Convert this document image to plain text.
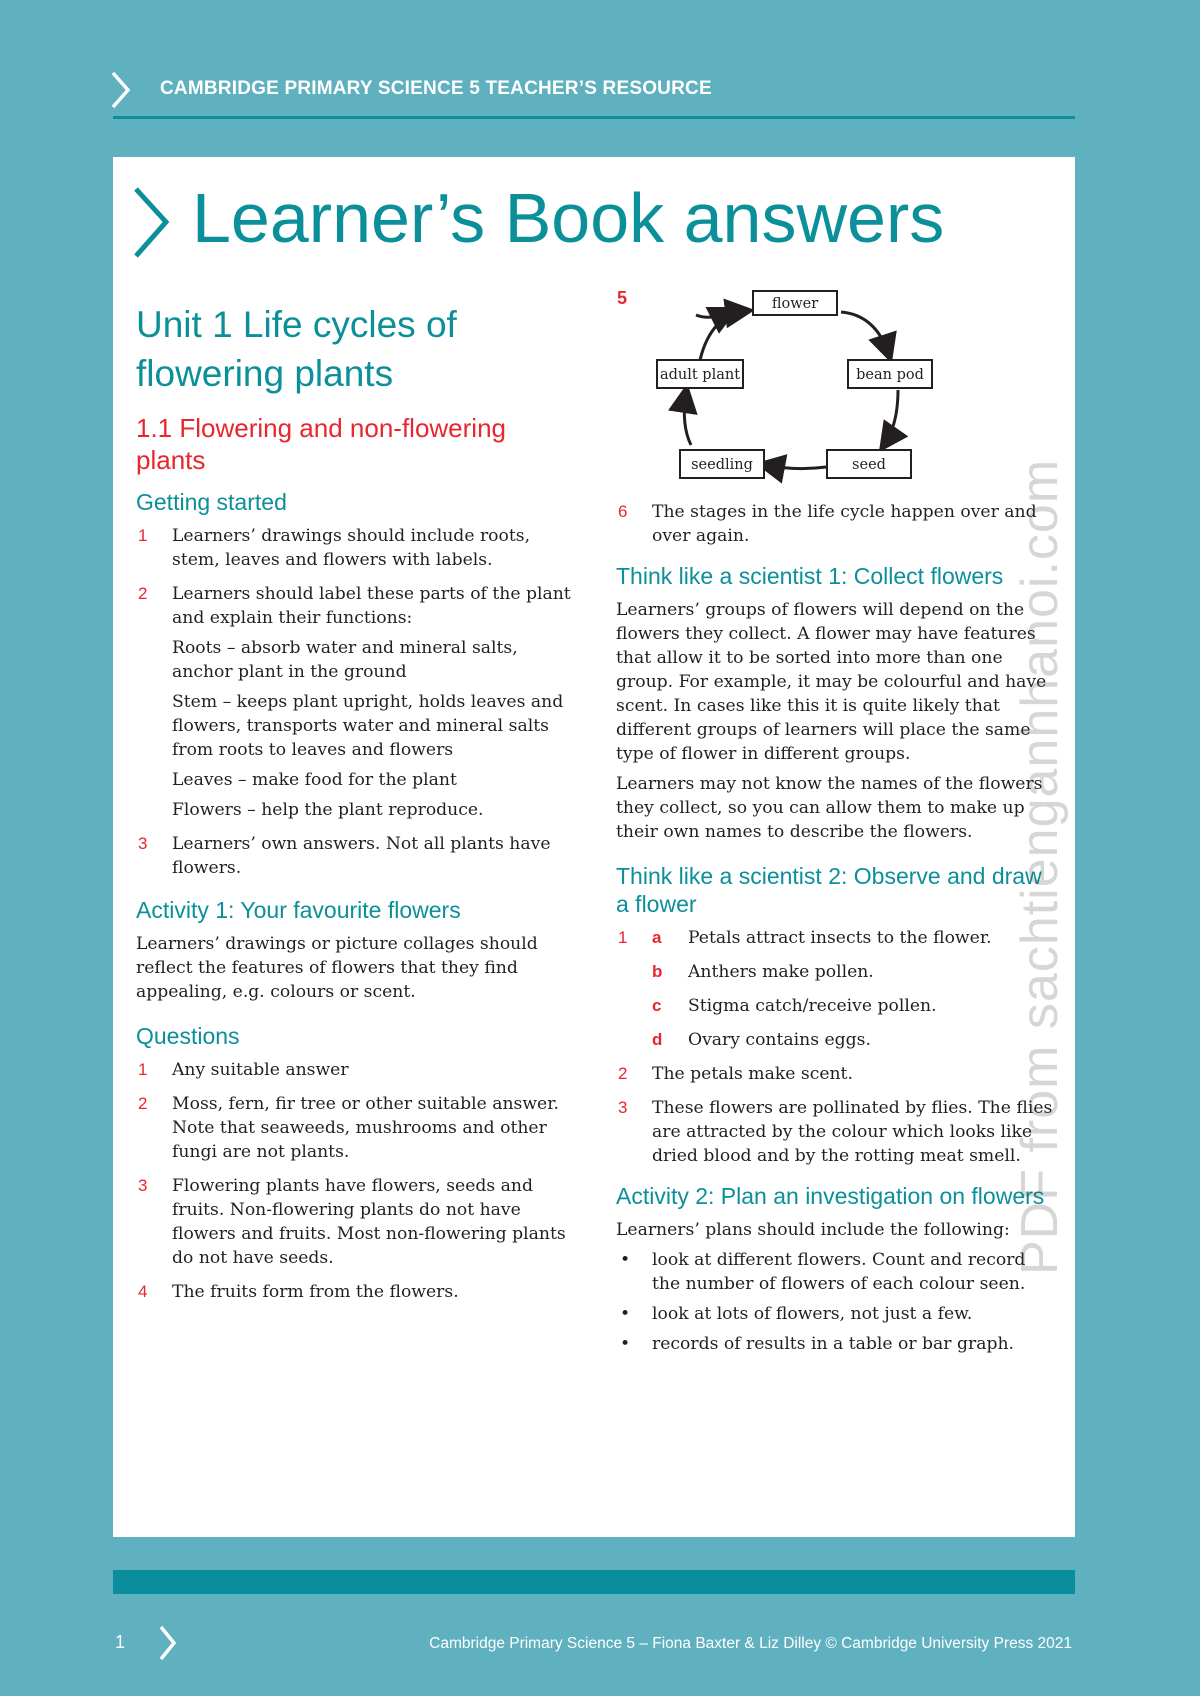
CAMBRIDGE PRIMARY SCIENCE 5 TEACHER’S RESOURCE
Learner’s Book answers
Unit 1 Life cycles of flowering plants
1.1 Flowering and non-flowering plants
Getting started
1 Learners’ drawings should include roots, stem, leaves and flowers with labels.
2 Learners should label these parts of the plant and explain their functions:

Roots – absorb water and mineral salts, anchor plant in the ground

Stem – keeps plant upright, holds leaves and flowers, transports water and mineral salts from roots to leaves and flowers

Leaves – make food for the plant

Flowers – help the plant reproduce.

3 Learners’ own answers. Not all plants have flowers.
Activity 1: Your favourite flowers

Learners’ drawings or picture collages should reflect the features of flowers that they find appealing, e.g. colours or scent.

Questions
1 Any suitable answer
2 Moss, fern, fir tree or other suitable answer. Note that seaweeds, mushrooms and other fungi are not plants.
3 Flowering plants have flowers, seeds and fruits. Non-flowering plants do not have flowers and fruits. Most non-flowering plants do not have seeds.
4 The fruits form from the flowers.
5	flower
bean pod
seed
seedling
adult plant
6 The stages in the life cycle happen over and over again.
Think like a scientist 1: Collect flowers

Learners’ groups of flowers will depend on the flowers they collect. A flower may have features that allow it to be sorted into more than one group. For example, it may be colourful and have scent. In cases like this it is quite likely that different groups of learners will place the same type of flower in different groups.

Learners may not know the names of the flowers they collect, so you can allow them to make up their own names to describe the flowers.

Think like a scientist 2: Observe and draw a flower
1 a Petals attract insects to the flower.
b Anthers make pollen.
c Stigma catch/receive pollen.
d Ovary contains eggs.
2 The petals make scent.
3 These flowers are pollinated by flies. The flies are attracted by the colour which looks like dried blood and by the rotting meat smell.
Activity 2: Plan an investigation on flowers

Learners’ plans should include the following:

• look at different flowers. Count and record the number of flowers of each colour seen.
• look at lots of flowers, not just a few.
• records of results in a table or bar graph.
PDF from sachtienganhhanoi.com
1	Cambridge Primary Science 5 – Fiona Baxter & Liz Dilley © Cambridge University Press 2021
